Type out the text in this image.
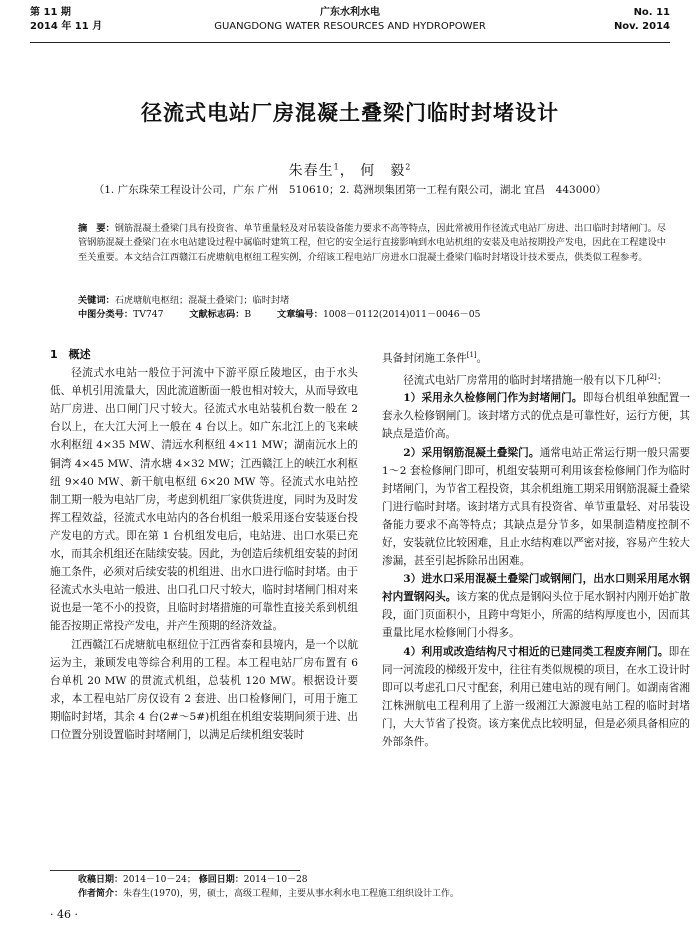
第 11 期
2014 年 11 月
广东水利水电
GUANGDONG WATER RESOURCES AND HYDROPOWER
No. 11
Nov. 2014
径流式电站厂房混凝土叠梁门临时封堵设计
朱春生$^1$， 何　毅$^2$
（1. 广东珠荣工程设计公司，广东 广州　510610；2. 葛洲坝集团第一工程有限公司，湖北 宜昌　443000）
摘　要：钢筋混凝土叠梁门具有投资省、单节重量轻及对吊装设备能力要求不高等特点，因此常被用作径流式电站厂房进、出口临时封堵闸门。尽管钢筋混凝土叠梁门在水电站建设过程中属临时建筑工程，但它的安全运行直接影响到水电站机组的安装及电站按期投产发电，因此在工程建设中至关重要。本文结合江西赣江石虎塘航电枢纽工程实例，介绍该工程电站厂房进水口混凝土叠梁门临时封堵设计技术要点，供类似工程参考。
关键词：石虎塘航电枢纽；混凝土叠梁门；临时封堵
中图分类号：TV747	文献标志码：B	文章编号：1008－0112(2014)011－0046－05
1　概述

径流式水电站一般位于河流中下游平原丘陵地区，由于水头低、单机引用流量大，因此流道断面一般也相对较大，从而导致电站厂房进、出口闸门尺寸较大。径流式水电站装机台数一般在 2 台以上，在大江大河上一般在 4 台以上。如广东北江上的飞来峡水利枢纽 4×35 MW、清远水利枢纽 4×11 MW；湖南沅水上的铜湾 4×45 MW、清水塘 4×32 MW；江西赣江上的峡江水利枢纽 9×40 MW、新干航电枢纽 6×20 MW 等。径流式水电站控制工期一般为电站厂房，考虑到机组厂家供货进度，同时为及时发挥工程效益，径流式水电站内的各台机组一般采用逐台安装逐台投产发电的方式。即在第 1 台机组发电后，电站进、出口水渠已充水，而其余机组还在陆续安装。因此，为创造后续机组安装的封闭施工条件，必须对后续安装的机组进、出水口进行临时封堵。由于径流式水头电站一般进、出口孔口尺寸较大，临时封堵闸门相对来说也是一笔不小的投资，且临时封堵措施的可靠性直接关系到机组能否按期正常投产发电，并产生预期的经济效益。

江西赣江石虎塘航电枢纽位于江西省泰和县境内，是一个以航运为主，兼顾发电等综合利用的工程。本工程电站厂房布置有 6 台单机 20 MW 的贯流式机组，总装机 120 MW。根据设计要求，本工程电站厂房仅设有 2 套进、出口检修闸门，可用于施工期临时封堵，其余 4 台(2#～5#)机组在机组安装期间须于进、出口位置分别设置临时封堵闸门，以满足后续机组安装时

具备封闭施工条件[1]。

径流式电站厂房常用的临时封堵措施一般有以下几种[2]：

1）采用永久检修闸门作为封堵闸门。即每台机组单独配置一套永久检修钢闸门。该封堵方式的优点是可靠性好，运行方便，其缺点是造价高。

2）采用钢筋混凝土叠梁门。通常电站正常运行期一般只需要 1～2 套检修闸门即可，机组安装期可利用该套检修闸门作为临时封堵闸门，为节省工程投资，其余机组施工期采用钢筋混凝土叠梁门进行临时封堵。该封堵方式具有投资省、单节重量轻、对吊装设备能力要求不高等特点；其缺点是分节多，如果制造精度控制不好，安装就位比较困难，且止水结构难以严密对接，容易产生较大渗漏，甚至引起拆除吊出困难。

3）进水口采用混凝土叠梁门或钢闸门，出水口则采用尾水钢衬内置钢闷头。该方案的优点是钢闷头位于尾水钢衬内刚开始扩散段，面门页面积小，且跨中弯矩小，所需的结构厚度也小，因而其重量比尾水检修闸门小得多。

4）利用或改造结构尺寸相近的已建同类工程废弃闸门。即在同一河流段的梯级开发中，往往有类似规模的项目，在水工设计时即可以考虑孔口尺寸配套，利用已建电站的现有闸门。如湖南省湘江株洲航电工程利用了上游一级湘江大源渡电站工程的临时封堵门，大大节省了投资。该方案优点比较明显，但是必须具备相应的外部条件。

收稿日期：2014－10－24； 修回日期：2014－10－28
作者简介：朱春生(1970)，男，硕士，高级工程师，主要从事水利水电工程施工组织设计工作。
· 46 ·
